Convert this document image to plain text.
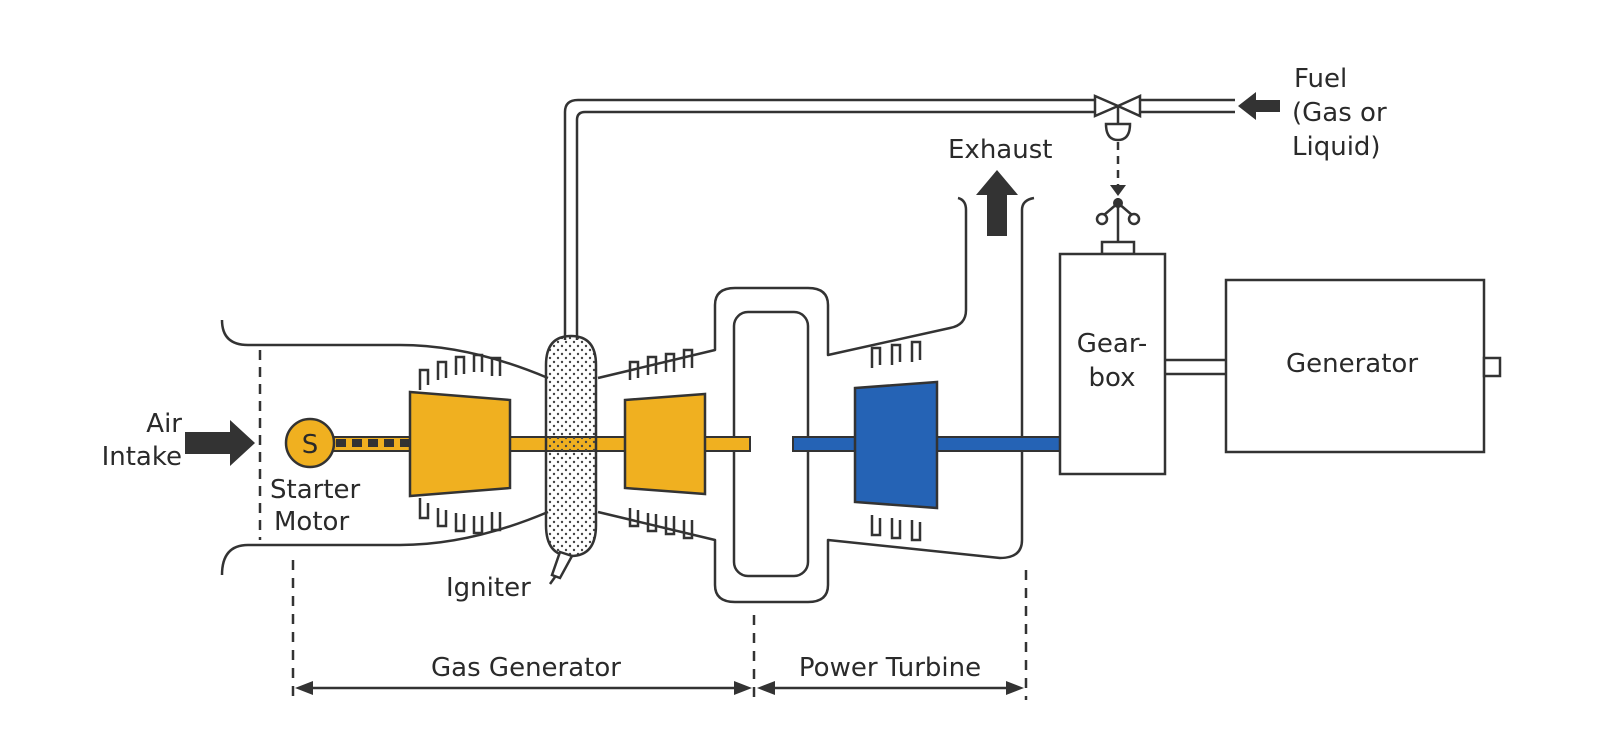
S
Air
Intake
Starter
Motor
Igniter
Exhaust
Fuel
(Gas or
Liquid)
Gear-
box	Generator
Gas Generator	Power Turbine
